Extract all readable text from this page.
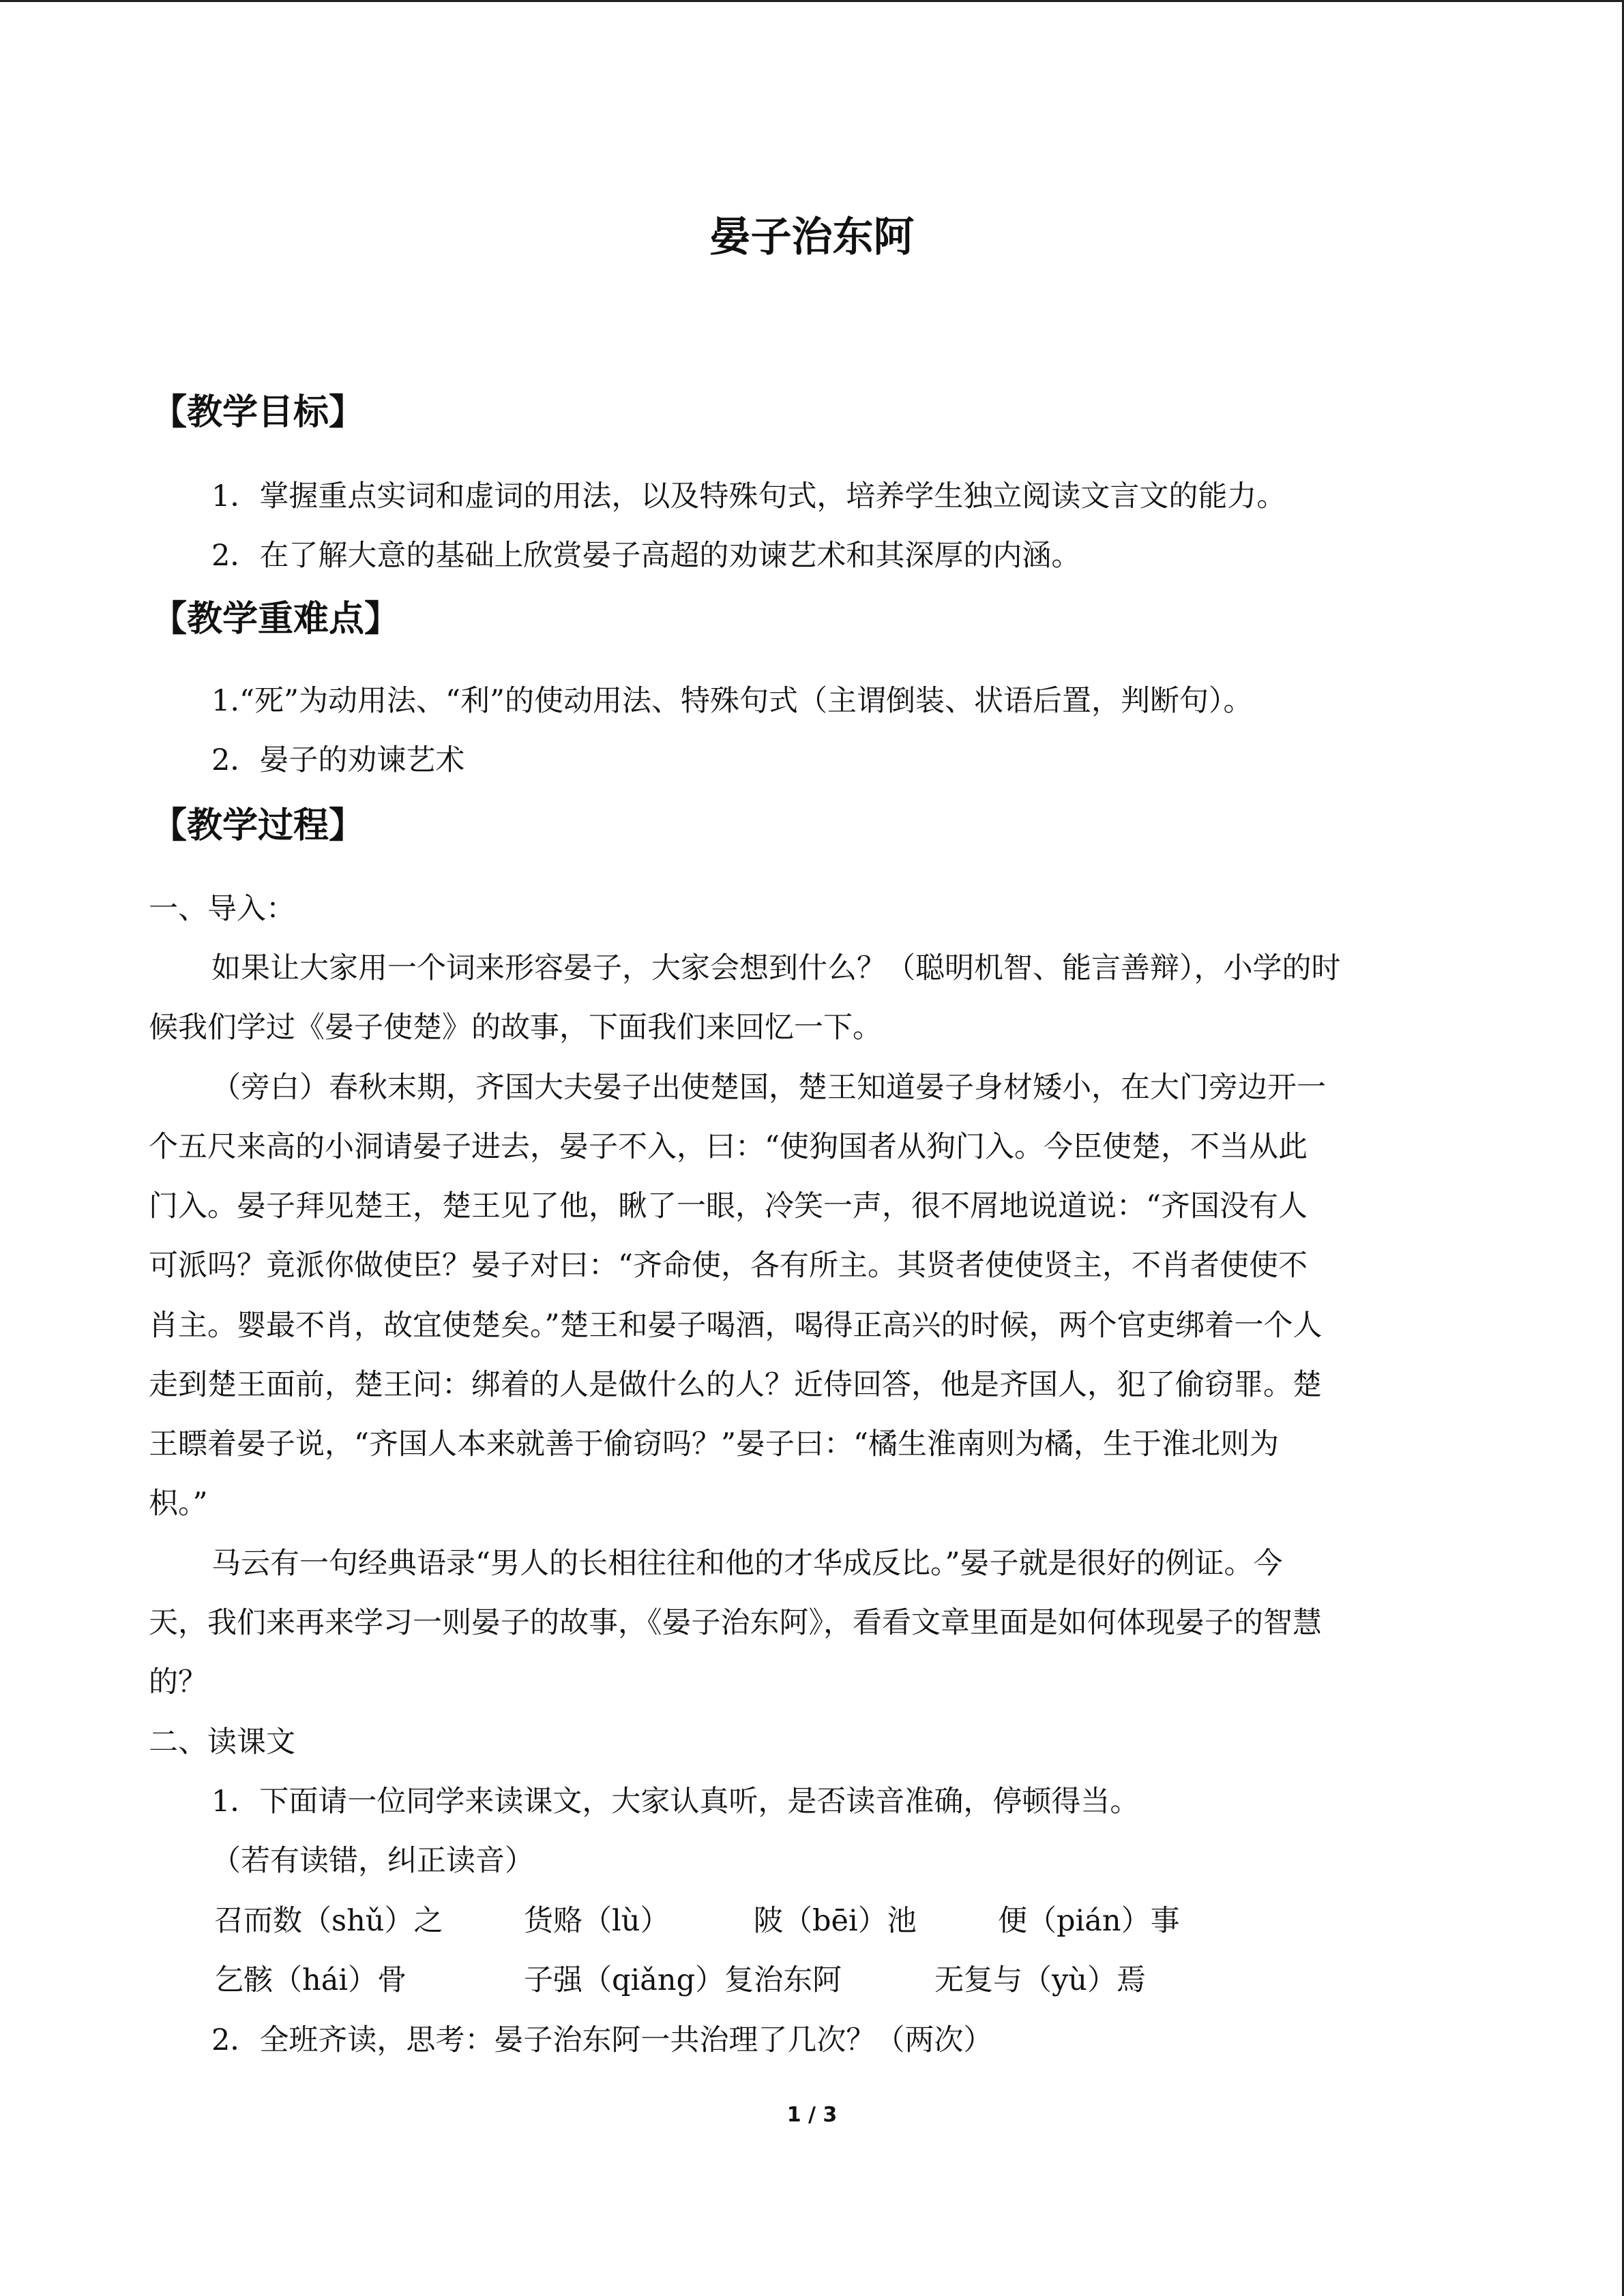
晏子治东阿
【教学目标】

1．掌握重点实词和虚词的用法，以及特殊句式，培养学生独立阅读文言文的能力。

2．在了解大意的基础上欣赏晏子高超的劝谏艺术和其深厚的内涵。

【教学重难点】

1.“死”为动用法、“利”的使动用法、特殊句式（主谓倒装、状语后置，判断句）。

2．晏子的劝谏艺术

【教学过程】

一、导入：

如果让大家用一个词来形容晏子，大家会想到什么？（聪明机智、能言善辩），小学的时

候我们学过《晏子使楚》的故事，下面我们来回忆一下。

（旁白）春秋末期，齐国大夫晏子出使楚国，楚王知道晏子身材矮小，在大门旁边开一

个五尺来高的小洞请晏子进去，晏子不入，曰：“使狗国者从狗门入。今臣使楚，不当从此

门入。晏子拜见楚王，楚王见了他，瞅了一眼，冷笑一声，很不屑地说道说：“齐国没有人

可派吗？竟派你做使臣？晏子对曰：“齐命使，各有所主。其贤者使使贤主，不肖者使使不

肖主。婴最不肖，故宜使楚矣。”楚王和晏子喝酒，喝得正高兴的时候，两个官吏绑着一个人

走到楚王面前，楚王问：绑着的人是做什么的人？近侍回答，他是齐国人，犯了偷窃罪。楚

王瞟着晏子说，“齐国人本来就善于偷窃吗？”晏子曰：“橘生淮南则为橘，生于淮北则为

枳。”

马云有一句经典语录“男人的长相往往和他的才华成反比。”晏子就是很好的例证。今

天，我们来再来学习一则晏子的故事，《晏子治东阿》，看看文章里面是如何体现晏子的智慧

的？

二、读课文

1．下面请一位同学来读课文，大家认真听，是否读音准确，停顿得当。

（若有读错，纠正读音）

召而数（shǔ）之	货赂（lù）	陂（bēi）池	便（pián）事
乞骸（hái）骨	子强（qiǎng）复治东阿	无复与（yù）焉

2．全班齐读，思考：晏子治东阿一共治理了几次？（两次）

1 / 3
